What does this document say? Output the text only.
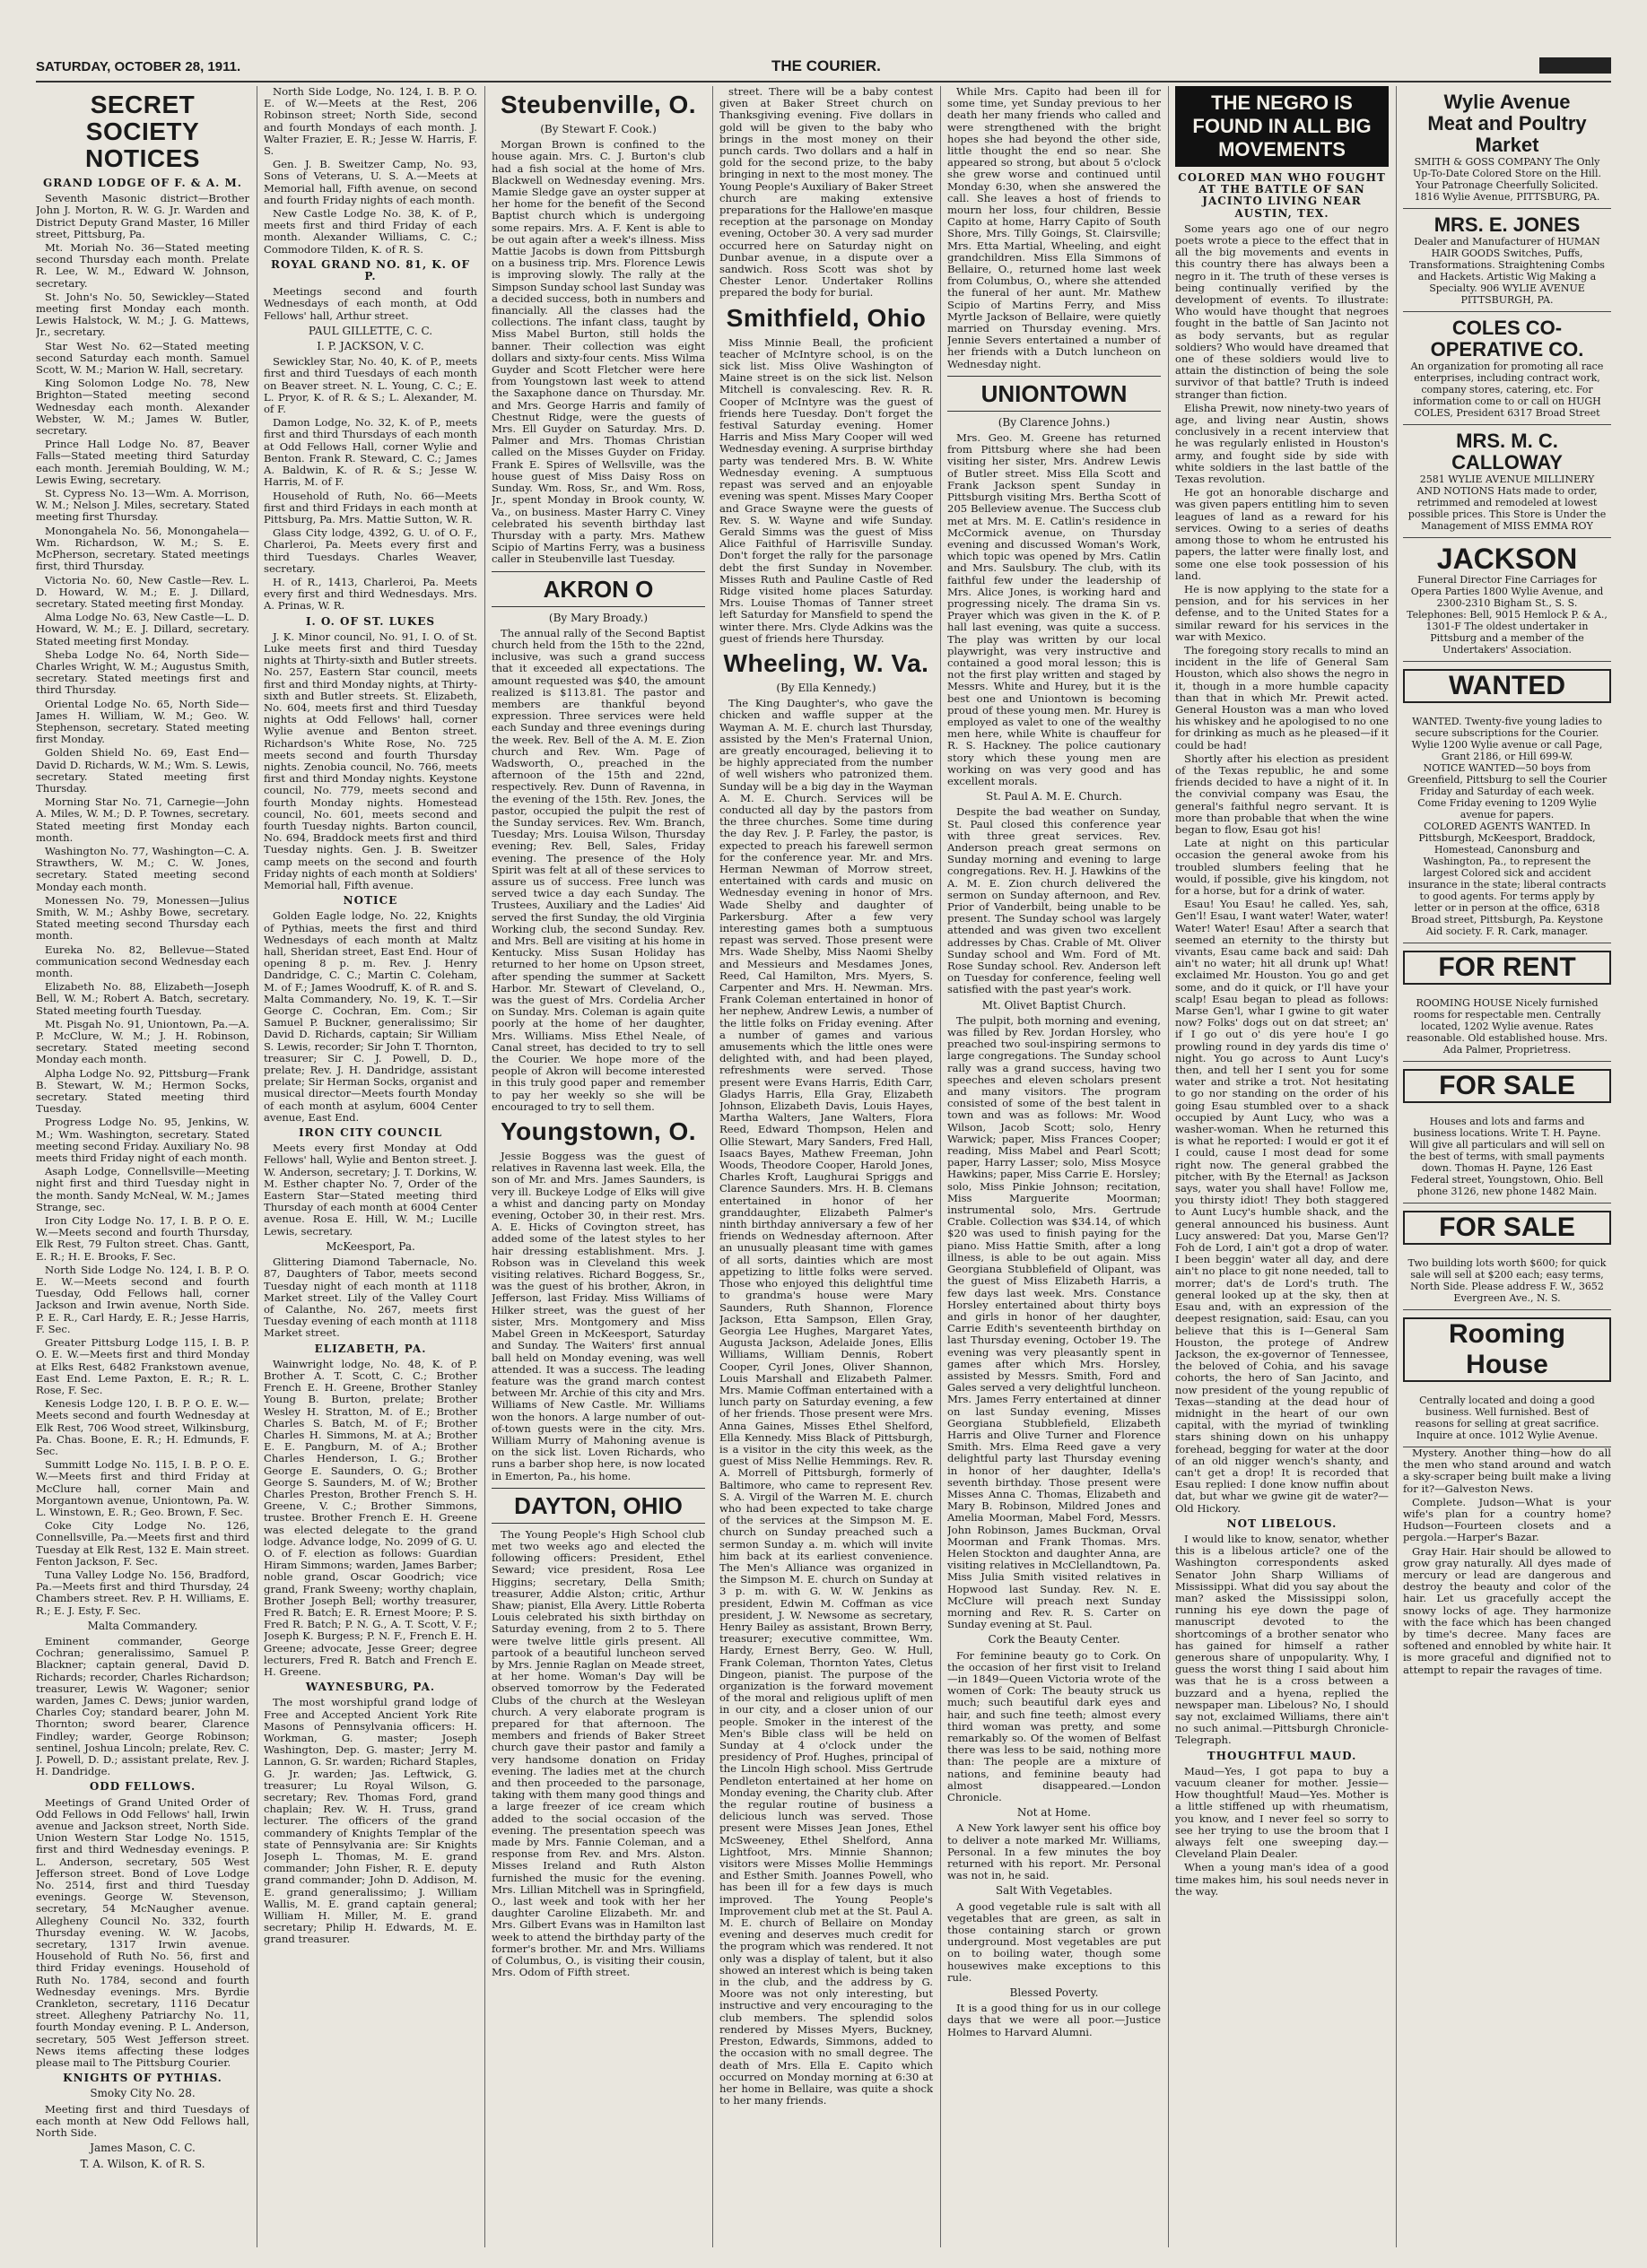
SATURDAY, OCTOBER 28, 1911.	THE COURIER.
SECRET SOCIETY NOTICES
GRAND LODGE OF F. & A. M.

Seventh Masonic district—Brother John J. Morton, R. W. G. Jr. Warden and District Deputy Grand Master, 16 Miller street, Pittsburg, Pa.

Mt. Moriah No. 36—Stated meeting second Thursday each month. Prelate R. Lee, W. M., Edward W. Johnson, secretary.

St. John's No. 50, Sewickley—Stated meeting first Monday each month. Lewis Halstock, W. M.; J. G. Mattews, Jr., secretary.

Star West No. 62—Stated meeting second Saturday each month. Samuel Scott, W. M.; Marion W. Hall, secretary.

King Solomon Lodge No. 78, New Brighton—Stated meeting second Wednesday each month. Alexander Webster, W. M.; James W. Butler, secretary.

Prince Hall Lodge No. 87, Beaver Falls—Stated meeting third Saturday each month. Jeremiah Boulding, W. M.; Lewis Ewing, secretary.

St. Cypress No. 13—Wm. A. Morrison, W. M.; Nelson J. Miles, secretary. Stated meeting first Thursday.

Monongahela No. 56, Monongahela—Wm. Richardson, W. M.; S. E. McPherson, secretary. Stated meetings first, third Thursday.

Victoria No. 60, New Castle—Rev. L. D. Howard, W. M.; E. J. Dillard, secretary. Stated meeting first Monday.

Alma Lodge No. 63, New Castle—L. D. Howard, W. M.; E. J. Dillard, secretary. Stated meeting first Monday.

Sheba Lodge No. 64, North Side—Charles Wright, W. M.; Augustus Smith, secretary. Stated meetings first and third Thursday.

Oriental Lodge No. 65, North Side—James H. William, W. M.; Geo. W. Stephenson, secretary. Stated meeting first Monday.

Golden Shield No. 69, East End—David D. Richards, W. M.; Wm. S. Lewis, secretary. Stated meeting first Thursday.

Morning Star No. 71, Carnegie—John A. Miles, W. M.; D. P. Townes, secretary. Stated meeting first Monday each month.

Washington No. 77, Washington—C. A. Strawthers, W. M.; C. W. Jones, secretary. Stated meeting second Monday each month.

Monessen No. 79, Monessen—Julius Smith, W. M.; Ashby Bowe, secretary. Stated meeting second Thursday each month.

Eureka No. 82, Bellevue—Stated communication second Wednesday each month.

Elizabeth No. 88, Elizabeth—Joseph Bell, W. M.; Robert A. Batch, secretary. Stated meeting fourth Tuesday.

Mt. Pisgah No. 91, Uniontown, Pa.—A. P. McClure, W. M.; J. H. Robinson, secretary. Stated meeting second Monday each month.

Alpha Lodge No. 92, Pittsburg—Frank B. Stewart, W. M.; Hermon Socks, secretary. Stated meeting third Tuesday.

Progress Lodge No. 95, Jenkins, W. M.; Wm. Washington, secretary. Stated meeting second Friday. Auxiliary No. 98 meets third Friday night of each month.

Asaph Lodge, Connellsville—Meeting night first and third Tuesday night in the month. Sandy McNeal, W. M.; James Strange, sec.

Iron City Lodge No. 17, I. B. P. O. E. W.—Meets second and fourth Thursday, Elk Rest, 79 Fulton street. Chas. Gantt, E. R.; H. E. Brooks, F. Sec.

North Side Lodge No. 124, I. B. P. O. E. W.—Meets second and fourth Tuesday, Odd Fellows hall, corner Jackson and Irwin avenue, North Side. P. E. R., Carl Hardy, E. R.; Jesse Harris, F. Sec.

Greater Pittsburg Lodge 115, I. B. P. O. E. W.—Meets first and third Monday at Elks Rest, 6482 Frankstown avenue, East End. Leme Paxton, E. R.; R. L. Rose, F. Sec.

Kenesis Lodge 120, I. B. P. O. E. W.—Meets second and fourth Wednesday at Elk Rest, 706 Wood street, Wilkinsburg, Pa. Chas. Boone, E. R.; H. Edmunds, F. Sec.

Summitt Lodge No. 115, I. B. P. O. E. W.—Meets first and third Friday at McClure hall, corner Main and Morgantown avenue, Uniontown, Pa. W. L. Winstown, E. R.; Geo. Brown, F. Sec.

Coke City Lodge No. 126, Connellsville, Pa.—Meets first and third Tuesday at Elk Rest, 132 E. Main street. Fenton Jackson, F. Sec.

Tuna Valley Lodge No. 156, Bradford, Pa.—Meets first and third Thursday, 24 Chambers street. Rev. P. H. Williams, E. R.; E. J. Esty, F. Sec.

Malta Commandery.

Eminent commander, George Cochran; generalissimo, Samuel P. Blackner; captain general, David D. Richards; recorder, Charles Richardson; treasurer, Lewis W. Wagoner; senior warden, James C. Dews; junior warden, Charles Coy; standard bearer, John M. Thornton; sword bearer, Clarence Findley; warder, George Robinson; sentinel, Joshua Lincoln; prelate, Rev. C. J. Powell, D. D.; assistant prelate, Rev. J. H. Dandridge.

ODD FELLOWS.

Meetings of Grand United Order of Odd Fellows in Odd Fellows' hall, Irwin avenue and Jackson street, North Side. Union Western Star Lodge No. 1515, first and third Wednesday evenings. P. L. Anderson, secretary, 505 West Jefferson street. Bond of Love Lodge No. 2514, first and third Tuesday evenings. George W. Stevenson, secretary, 54 McNaugher avenue. Allegheny Council No. 332, fourth Thursday evening. W. W. Jacobs, secretary, 1317 Irwin avenue. Household of Ruth No. 56, first and third Friday evenings. Household of Ruth No. 1784, second and fourth Wednesday evenings. Mrs. Byrdie Crankleton, secretary, 1116 Decatur street. Allegheny Patriarchy No. 11, fourth Monday evening. P. L. Anderson, secretary, 505 West Jefferson street. News items affecting these lodges please mail to The Pittsburg Courier.

KNIGHTS OF PYTHIAS.
Smoky City No. 28.

Meeting first and third Tuesdays of each month at New Odd Fellows hall, North Side.

James Mason, C. C.
T. A. Wilson, K. of R. S.

North Side Lodge, No. 124, I. B. P. O. E. of W.—Meets at the Rest, 206 Robinson street; North Side, second and fourth Mondays of each month. J. Walter Frazier, E. R.; Jesse W. Harris, F. S.

Gen. J. B. Sweitzer Camp, No. 93, Sons of Veterans, U. S. A.—Meets at Memorial hall, Fifth avenue, on second and fourth Friday nights of each month.

New Castle Lodge No. 38, K. of P., meets first and third Friday of each month. Alexander Williams, C. C.; Commodore Tilden, K. of R. S.

ROYAL GRAND NO. 81, K. OF P.

Meetings second and fourth Wednesdays of each month, at Odd Fellows' hall, Arthur street.

PAUL GILLETTE, C. C.
I. P. JACKSON, V. C.

Sewickley Star, No. 40, K. of P., meets first and third Tuesdays of each month on Beaver street. N. L. Young, C. C.; E. L. Pryor, K. of R. & S.; L. Alexander, M. of F.

Damon Lodge, No. 32, K. of P., meets first and third Thursdays of each month at Odd Fellows Hall, corner Wylie and Benton. Frank R. Steward, C. C.; James A. Baldwin, K. of R. & S.; Jesse W. Harris, M. of F.

Household of Ruth, No. 66—Meets first and third Fridays in each month at Pittsburg, Pa. Mrs. Mattie Sutton, W. R.

Glass City lodge, 4392, G. U. of O. F., Charleroi, Pa. Meets every first and third Tuesdays. Charles Weaver, secretary.

H. of R., 1413, Charleroi, Pa. Meets every first and third Wednesdays. Mrs. A. Prinas, W. R.

I. O. OF ST. LUKES

J. K. Minor council, No. 91, I. O. of St. Luke meets first and third Tuesday nights at Thirty-sixth and Butler streets. No. 257, Eastern Star council, meets first and third Monday nights, at Thirty-sixth and Butler streets. St. Elizabeth, No. 604, meets first and third Tuesday nights at Odd Fellows' hall, corner Wylie avenue and Benton street. Richardson's White Rose, No. 725 meets second and fourth Thursday nights. Zenobia council, No. 766, meets first and third Monday nights. Keystone council, No. 779, meets second and fourth Monday nights. Homestead council, No. 601, meets second and fourth Tuesday nights. Barton council, No. 694, Braddock meets first and third Tuesday nights. Gen. J. B. Sweitzer camp meets on the second and fourth Friday nights of each month at Soldiers' Memorial hall, Fifth avenue.

NOTICE

Golden Eagle lodge, No. 22, Knights of Pythias, meets the first and third Wednesdays of each month at Maltz hall, Sheridan street, East End. Hour of opening 8 p. m. Rev. J. Henry Dandridge, C. C.; Martin C. Coleham, M. of F.; James Woodruff, K. of R. and S. Malta Commandery, No. 19, K. T.—Sir George C. Cochran, Em. Com.; Sir Samuel P. Buckner, generalissimo; Sir David D. Richards, captain; Sir William S. Lewis, recorder; Sir John T. Thornton, treasurer; Sir C. J. Powell, D. D., prelate; Rev. J. H. Dandridge, assistant prelate; Sir Herman Socks, organist and musical director—Meets fourth Monday of each month at asylum, 6004 Center avenue, East End.

IRON CITY COUNCIL

Meets every first Monday at Odd Fellows' hall, Wylie and Benton street. J. W. Anderson, secretary; J. T. Dorkins, W. M. Esther chapter No. 7, Order of the Eastern Star—Stated meeting third Thursday of each month at 6004 Center avenue. Rosa E. Hill, W. M.; Lucille Lewis, secretary.

McKeesport, Pa.

Glittering Diamond Tabernacle, No. 87, Daughters of Tabor, meets second Tuesday night of each month at 1118 Market street. Lily of the Valley Court of Calanthe, No. 267, meets first Tuesday evening of each month at 1118 Market street.

ELIZABETH, PA.

Wainwright lodge, No. 48, K. of P. Brother A. T. Scott, C. C.; Brother French E. H. Greene, Brother Stanley Young B. Burton, prelate; Brother Wesley H. Stratton, M. of E.; Brother Charles S. Batch, M. of F.; Brother Charles H. Simmons, M. at A.; Brother E. E. Pangburn, M. of A.; Brother Charles Henderson, I. G.; Brother George E. Saunders, O. G.; Brother George S. Saunders, M. of W.; Brother Charles Preston, Brother French S. H. Greene, V. C.; Brother Simmons, trustee. Brother French E. H. Greene was elected delegate to the grand lodge. Advance lodge, No. 2099 of G. U. O. of F. election as follows: Guardian Hiram Simmons; warden, James Barber; noble grand, Oscar Goodrich; vice grand, Frank Sweeny; worthy chaplain, Brother Joseph Bell; worthy treasurer, Fred R. Batch; E. R. Ernest Moore; P. S. Fred R. Batch; P. N. G., A. T. Scott, V. F.; Joseph K. Burgess; P. N. F., French E. H. Greene; advocate, Jesse Greer; degree lecturers, Fred R. Batch and French E. H. Greene.

WAYNESBURG, PA.

The most worshipful grand lodge of Free and Accepted Ancient York Rite Masons of Pennsylvania officers: H. Workman, G. master; Joseph Washington, Dep. G. master; Jerry M. Lannon, G. Sr. warden; Richard Staples, G. Jr. warden; Jas. Leftwick, G. treasurer; Lu Royal Wilson, G. secretary; Rev. Thomas Ford, grand chaplain; Rev. W. H. Truss, grand lecturer. The officers of the grand commandery of Knights Templar of the state of Pennsylvania are: Sir Knights Joseph L. Thomas, M. E. grand commander; John Fisher, R. E. deputy grand commander; John D. Addison, M. E. grand generalissimo; J. William Wallis, M. E. grand captain general; William H. Miller, M. E. grand secretary; Philip H. Edwards, M. E. grand treasurer.

Steubenville, O.
(By Stewart F. Cook.)

Morgan Brown is confined to the house again. Mrs. C. J. Burton's club had a fish social at the home of Mrs. Blackwell on Wednesday evening. Mrs. Mamie Sledge gave an oyster supper at her home for the benefit of the Second Baptist church which is undergoing some repairs. Mrs. A. F. Kent is able to be out again after a week's illness. Miss Mattie Jacobs is down from Pittsburgh on a business trip. Mrs. Florence Lewis is improving slowly. The rally at the Simpson Sunday school last Sunday was a decided success, both in numbers and financially. All the classes had the collections. The infant class, taught by Miss Mabel Burton, still holds the banner. Their collection was eight dollars and sixty-four cents. Miss Wilma Guyder and Scott Fletcher were here from Youngstown last week to attend the Saxaphone dance on Thursday. Mr. and Mrs. George Harris and family of Chestnut Ridge, were the guests of Mrs. Ell Guyder on Saturday. Mrs. D. Palmer and Mrs. Thomas Christian called on the Misses Guyder on Friday. Frank E. Spires of Wellsville, was the house guest of Miss Daisy Ross on Sunday. Wm. Ross, Sr., and Wm. Ross, Jr., spent Monday in Brook county, W. Va., on business. Master Harry C. Viney celebrated his seventh birthday last Thursday with a party. Mrs. Mathew Scipio of Martins Ferry, was a business caller in Steubenville last Tuesday.

AKRON O
(By Mary Broady.)

The annual rally of the Second Baptist church held from the 15th to the 22nd, inclusive, was such a grand success that it exceeded all expectations. The amount requested was $40, the amount realized is $113.81. The pastor and members are thankful beyond expression. Three services were held each Sunday and three evenings during the week. Rev. Bell of the A. M. E. Zion church and Rev. Wm. Page of Wadsworth, O., preached in the afternoon of the 15th and 22nd, respectively. Rev. Dunn of Ravenna, in the evening of the 15th. Rev. Jones, the pastor, occupied the pulpit the rest of the Sunday services. Rev. Wm. Branch, Tuesday; Mrs. Louisa Wilson, Thursday evening; Rev. Bell, Sales, Friday evening. The presence of the Holy Spirit was felt at all of these services to assure us of success. Free lunch was served twice a day each Sunday. The Trustees, Auxiliary and the Ladies' Aid served the first Sunday, the old Virginia Working club, the second Sunday. Rev. and Mrs. Bell are visiting at his home in Kentucky. Miss Susan Holiday has returned to her home on Upson street, after spending the summer at Sackett Harbor. Mr. Stewart of Cleveland, O., was the guest of Mrs. Cordelia Archer on Sunday. Mrs. Coleman is again quite poorly at the home of her daughter, Mrs. Williams. Miss Ethel Neale, of Canal street, has decided to try to sell the Courier. We hope more of the people of Akron will become interested in this truly good paper and remember to pay her weekly so she will be encouraged to try to sell them.

Youngstown, O.

Jessie Boggess was the guest of relatives in Ravenna last week. Ella, the son of Mr. and Mrs. James Saunders, is very ill. Buckeye Lodge of Elks will give a whist and dancing party on Monday evening, October 30, in their rest. Mrs. A. E. Hicks of Covington street, has added some of the latest styles to her hair dressing establishment. Mrs. J. Robson was in Cleveland this week visiting relatives. Richard Boggess, Sr., was the guest of his brother, Akron, in Jefferson, last Friday. Miss Williams of Hilker street, was the guest of her sister, Mrs. Montgomery and Miss Mabel Green in McKeesport, Saturday and Sunday. The Waiters' first annual ball held on Monday evening, was well attended. It was a success. The leading feature was the grand march contest between Mr. Archie of this city and Mrs. Williams of New Castle. Mr. Williams won the honors. A large number of out-of-town guests were in the city. Mrs. William Murry of Mahoning avenue is on the sick list. Loven Richards, who runs a barber shop here, is now located in Emerton, Pa., his home.

DAYTON, OHIO

The Young People's High School club met two weeks ago and elected the following officers: President, Ethel Seward; vice president, Rosa Lee Higgins; secretary, Della Smith; treasurer, Addie Alston; critic, Arthur Shaw; pianist, Ella Avery. Little Roberta Louis celebrated his sixth birthday on Saturday evening, from 2 to 5. There were twelve little girls present. All partook of a beautiful luncheon served by Mrs. Jennie Raglan on Meade street, at her home. Woman's Day will be observed tomorrow by the Federated Clubs of the church at the Wesleyan church. A very elaborate program is prepared for that afternoon. The members and friends of Baker Street church gave their pastor and family a very handsome donation on Friday evening. The ladies met at the church and then proceeded to the parsonage, taking with them many good things and a large freezer of ice cream which added to the social occasion of the evening. The presentation speech was made by Mrs. Fannie Coleman, and a response from Rev. and Mrs. Alston. Misses Ireland and Ruth Alston furnished the music for the evening. Mrs. Lillian Mitchell was in Springfield, O., last week and took with her her daughter Caroline Elizabeth. Mr. and Mrs. Gilbert Evans was in Hamilton last week to attend the birthday party of the former's brother. Mr. and Mrs. Williams of Columbus, O., is visiting their cousin, Mrs. Odom of Fifth street.

street. There will be a baby contest given at Baker Street church on Thanksgiving evening. Five dollars in gold will be given to the baby who brings in the most money on their punch cards. Two dollars and a half in gold for the second prize, to the baby bringing in next to the most money. The Young People's Auxiliary of Baker Street church are making extensive preparations for the Hallowe'en masque reception at the parsonage on Monday evening, October 30. A very sad murder occurred here on Saturday night on Dunbar avenue, in a dispute over a sandwich. Ross Scott was shot by Chester Lenor. Undertaker Rollins prepared the body for burial.

Smithfield, Ohio

Miss Minnie Beall, the proficient teacher of McIntyre school, is on the sick list. Miss Olive Washington of Maine street is on the sick list. Nelson Mitchell is convalescing. Rev. R. R. Cooper of McIntyre was the guest of friends here Tuesday. Don't forget the festival Saturday evening. Homer Harris and Miss Mary Cooper will wed Wednesday evening. A surprise birthday party was tendered Mrs. B. W. White Wednesday evening. A sumptuous repast was served and an enjoyable evening was spent. Misses Mary Cooper and Grace Swayne were the guests of Rev. S. W. Wayne and wife Sunday. Gerald Simms was the guest of Miss Alice Faithful of Harrisville Sunday. Don't forget the rally for the parsonage debt the first Sunday in November. Misses Ruth and Pauline Castle of Red Ridge visited home places Saturday. Mrs. Louise Thomas of Tanner street left Saturday for Mansfield to spend the winter there. Mrs. Clyde Adkins was the guest of friends here Thursday.

Wheeling, W. Va.
(By Ella Kennedy.)

The King Daughter's, who gave the chicken and waffle supper at the Wayman A. M. E. church last Thursday, assisted by the Men's Fraternal Union, are greatly encouraged, believing it to be highly appreciated from the number of well wishers who patronized them. Sunday will be a big day in the Wayman A. M. E. Church. Services will be conducted all day by the pastors from the three churches. Some time during the day Rev. J. P. Farley, the pastor, is expected to preach his farewell sermon for the conference year. Mr. and Mrs. Herman Newman of Morrow street, entertained with cards and music on Wednesday evening in honor of Mrs. Wade Shelby and daughter of Parkersburg. After a few very interesting games both a sumptuous repast was served. Those present were Mrs. Wade Shelby, Miss Naomi Shelby and Messieurs and Mesdames Jones, Reed, Cal Hamilton, Mrs. Myers, S. Carpenter and Mrs. H. Newman. Mrs. Frank Coleman entertained in honor of her nephew, Andrew Lewis, a number of the little folks on Friday evening. After a number of games and various amusements which the little ones were delighted with, and had been played, refreshments were served. Those present were Evans Harris, Edith Carr, Gladys Harris, Ella Gray, Elizabeth Johnson, Elizabeth Davis, Louis Hayes, Martha Walters, Jane Walters, Flora Reed, Edward Thompson, Helen and Ollie Stewart, Mary Sanders, Fred Hall, Isaacs Bayes, Mathew Freeman, John Woods, Theodore Cooper, Harold Jones, Charles Kroft, Laughurai Spriggs and Clarence Saunders. Mrs. H. B. Clemans entertained in honor of her granddaughter, Elizabeth Palmer's ninth birthday anniversary a few of her friends on Wednesday afternoon. After an unusually pleasant time with games of all sorts, dainties which are most appetizing to little folks were served. Those who enjoyed this delightful time to grandma's house were Mary Saunders, Ruth Shannon, Florence Jackson, Etta Sampson, Ellen Gray, Georgia Lee Hughes, Margaret Yates, Augusta Jackson, Adelaide Jones, Ellis Williams, William Dennis, Robert Cooper, Cyril Jones, Oliver Shannon, Louis Marshall and Elizabeth Palmer. Mrs. Mamie Coffman entertained with a lunch party on Saturday evening, a few of her friends. Those present were Mrs. Anna Gaines, Misses Ethel Shelford, Ella Kennedy. Miss Black of Pittsburgh, is a visitor in the city this week, as the guest of Miss Nellie Hemmings. Rev. R. A. Morrell of Pittsburgh, formerly of Baltimore, who came to represent Rev. S. A. Virgil of the Warren M. E. church who had been expected to take charge of the services at the Simpson M. E. church on Sunday preached such a sermon Sunday a. m. which will invite him back at its earliest convenience. The Men's Alliance was organized in the Simpson M. E. church on Sunday at 3 p. m. with G. W. W. Jenkins as president, Edwin M. Coffman as vice president, J. W. Newsome as secretary, Henry Bailey as assistant, Brown Berry, treasurer; executive committee, Wm. Hardy, Ernest Berry, Geo. W. Hull, Frank Coleman, Thornton Yates, Cletus Dingeon, pianist. The purpose of the organization is the forward movement of the moral and religious uplift of men in our city, and a closer union of our people. Smoker in the interest of the Men's Bible class will be held on Sunday at 4 o'clock under the presidency of Prof. Hughes, principal of the Lincoln High school. Miss Gertrude Pendleton entertained at her home on Monday evening, the Charity club. After the regular routine of business a delicious lunch was served. Those present were Misses Jean Jones, Ethel McSweeney, Ethel Shelford, Anna Lightfoot, Mrs. Minnie Shannon; visitors were Misses Mollie Hemmings and Esther Smith. Joannes Powell, who has been ill for a few days is much improved. The Young People's Improvement club met at the St. Paul A. M. E. church of Bellaire on Monday evening and deserves much credit for the program which was rendered. It not only was a display of talent, but it also showed an interest which is being taken in the club, and the address by G. Moore was not only interesting, but instructive and very encouraging to the club members. The splendid solos rendered by Misses Myers, Buckney, Preston, Edwards, Simmons, added to the occasion with no small degree. The death of Mrs. Ella E. Capito which occurred on Monday morning at 6:30 at her home in Bellaire, was quite a shock to her many friends.

While Mrs. Capito had been ill for some time, yet Sunday previous to her death her many friends who called and were strengthened with the bright hopes she had beyond the other side, little thought the end so near. She appeared so strong, but about 5 o'clock she grew worse and continued until Monday 6:30, when she answered the call. She leaves a host of friends to mourn her loss, four children, Bessie Capito at home, Harry Capito of South Shore, Mrs. Tilly Goings, St. Clairsville; Mrs. Etta Martial, Wheeling, and eight grandchildren. Miss Ella Simmons of Bellaire, O., returned home last week from Columbus, O., where she attended the funeral of her aunt. Mr. Mathew Scipio of Martins Ferry, and Miss Myrtle Jackson of Bellaire, were quietly married on Thursday evening. Mrs. Jennie Severs entertained a number of her friends with a Dutch luncheon on Wednesday night.

UNIONTOWN
(By Clarence Johns.)

Mrs. Geo. M. Greene has returned from Pittsburg where she had been visiting her sister, Mrs. Andrew Lewis of Butler street. Miss Ella Scott and Frank Jackson spent Sunday in Pittsburgh visiting Mrs. Bertha Scott of 205 Belleview avenue. The Success club met at Mrs. M. E. Catlin's residence in McCormick avenue, on Thursday evening and discussed Woman's Work, which topic was opened by Mrs. Catlin and Mrs. Saulsbury. The club, with its faithful few under the leadership of Mrs. Alice Jones, is working hard and progressing nicely. The drama Sin vs. Prayer which was given in the K. of P. hall last evening, was quite a success. The play was written by our local playwright, was very instructive and contained a good moral lesson; this is not the first play written and staged by Messrs. White and Hurey, but it is the best one and Uniontown is becoming proud of these young men. Mr. Hurey is employed as valet to one of the wealthy men here, while White is chauffeur for R. S. Hackney. The police cautionary story which these young men are working on was very good and has excellent morals.

St. Paul A. M. E. Church.

Despite the bad weather on Sunday, St. Paul closed this conference year with three great services. Rev. Anderson preach great sermons on Sunday morning and evening to large congregations. Rev. H. J. Hawkins of the A. M. E. Zion church delivered the sermon on Sunday afternoon, and Rev. Prior of Vanderbilt, being unable to be present. The Sunday school was largely attended and was given two excellent addresses by Chas. Crable of Mt. Oliver Sunday school and Wm. Ford of Mt. Rose Sunday school. Rev. Anderson left on Tuesday for conference, feeling well satisfied with the past year's work.

Mt. Olivet Baptist Church.

The pulpit, both morning and evening, was filled by Rev. Jordan Horsley, who preached two soul-inspiring sermons to large congregations. The Sunday school rally was a grand success, having two speeches and eleven scholars present and many visitors. The program consisted of some of the best talent in town and was as follows: Mr. Wood Wilson, Jacob Scott; solo, Henry Warwick; paper, Miss Frances Cooper; reading, Miss Mabel and Pearl Scott; paper, Harry Lasser; solo, Miss Mosyce Hawkins; paper, Miss Carrie E. Horsley; solo, Miss Pinkie Johnson; recitation, Miss Marguerite Moorman; instrumental solo, Mrs. Gertrude Crable. Collection was $34.14, of which $20 was used to finish paying for the piano. Miss Hattie Smith, after a long illness, is able to be out again. Miss Georgiana Stubblefield of Olipant, was the guest of Miss Elizabeth Harris, a few days last week. Mrs. Constance Horsley entertained about thirty boys and girls in honor of her daughter, Carrie Edith's seventeenth birthday on last Thursday evening, October 19. The evening was very pleasantly spent in games after which Mrs. Horsley, assisted by Messrs. Smith, Ford and Gales served a very delightful luncheon. Mrs. James Ferry entertained at dinner on last Sunday evening, Misses Georgiana Stubblefield, Elizabeth Harris and Olive Turner and Florence Smith. Mrs. Elma Reed gave a very delightful party last Thursday evening in honor of her daughter, Idella's seventh birthday. Those present were Misses Anna C. Thomas, Elizabeth and Mary B. Robinson, Mildred Jones and Amelia Moorman, Mabel Ford, Messrs. John Robinson, James Buckman, Orval Moorman and Frank Thomas. Mrs. Helen Stockton and daughter Anna, are visiting relatives in McClellandtown, Pa. Miss Julia Smith visited relatives in Hopwood last Sunday. Rev. N. E. McClure will preach next Sunday morning and Rev. R. S. Carter on Sunday evening at St. Paul.

Cork the Beauty Center.

For feminine beauty go to Cork. On the occasion of her first visit to Ireland—in 1849—Queen Victoria wrote of the women of Cork: The beauty struck us much; such beautiful dark eyes and hair, and such fine teeth; almost every third woman was pretty, and some remarkably so. Of the women of Belfast there was less to be said, nothing more than: The people are a mixture of nations, and feminine beauty had almost disappeared.—London Chronicle.

Not at Home.

A New York lawyer sent his office boy to deliver a note marked Mr. Williams, Personal. In a few minutes the boy returned with his report. Mr. Personal was not in, he said.

Salt With Vegetables.

A good vegetable rule is salt with all vegetables that are green, as salt in those containing starch or grown underground. Most vegetables are put on to boiling water, though some housewives make exceptions to this rule.

Blessed Poverty.

It is a good thing for us in our college days that we were all poor.—Justice Holmes to Harvard Alumni.

THE NEGRO IS FOUND IN ALL BIG MOVEMENTS
COLORED MAN WHO FOUGHT AT THE BATTLE OF SAN JACINTO LIVING NEAR AUSTIN, TEX.

Some years ago one of our negro poets wrote a piece to the effect that in all the big movements and events in this country there has always been a negro in it. The truth of these verses is being continually verified by the development of events. To illustrate: Who would have thought that negroes fought in the battle of San Jacinto not as body servants, but as regular soldiers? Who would have dreamed that one of these soldiers would live to attain the distinction of being the sole survivor of that battle? Truth is indeed stranger than fiction.

Elisha Prewit, now ninety-two years of age, and living near Austin, shows conclusively in a recent interview that he was regularly enlisted in Houston's army, and fought side by side with white soldiers in the last battle of the Texas revolution.

He got an honorable discharge and was given papers entitling him to seven leagues of land as a reward for his services. Owing to a series of deaths among those to whom he entrusted his papers, the latter were finally lost, and some one else took possession of his land.

He is now applying to the state for a pension, and for his services in her defense, and to the United States for a similar reward for his services in the war with Mexico.

The foregoing story recalls to mind an incident in the life of General Sam Houston, which also shows the negro in it, though in a more humble capacity than that in which Mr. Prewit acted. General Houston was a man who loved his whiskey and he apologised to no one for drinking as much as he pleased—if it could be had!

Shortly after his election as president of the Texas republic, he and some friends decided to have a night of it. In the convivial company was Esau, the general's faithful negro servant. It is more than probable that when the wine began to flow, Esau got his!

Late at night on this particular occasion the general awoke from his troubled slumbers feeling that he would, if possible, give his kingdom, not for a horse, but for a drink of water.

Esau! You Esau! he called. Yes, sah, Gen'l! Esau, I want water! Water, water! Water! Water! Esau! After a search that seemed an eternity to the thirsty but vivants, Esau came back and said: Dah ain't no water; hit all drunk up! What! exclaimed Mr. Houston. You go and get some, and do it quick, or I'll have your scalp! Esau began to plead as follows: Marse Gen'l, whar I gwine to git water now? Folks' dogs out on dat street; an' if I go out o' dis yere hou'e I go prowling round in dey yards dis time o' night. You go across to Aunt Lucy's then, and tell her I sent you for some water and strike a trot. Not hesitating to go nor standing on the order of his going Esau stumbled over to a shack occupied by Aunt Lucy, who was a washer-woman. When he returned this is what he reported: I would er got it ef I could, cause I most dead for some right now. The general grabbed the pitcher, with By the Eternal! as Jackson says, water you shall have! Follow me, you thirsty idiot! They both staggered to Aunt Lucy's humble shack, and the general announced his business. Aunt Lucy answered: Dat you, Marse Gen'l? Foh de Lord, I ain't got a drop of water. I been beggin' water all day, and dere ain't no place to git none needed, tall to morrer; dat's de Lord's truth. The general looked up at the sky, then at Esau and, with an expression of the deepest resignation, said: Esau, can you believe that this is I—General Sam Houston, the protege of Andrew Jackson, the ex-governor of Tennessee, the beloved of Cohia, and his savage cohorts, the hero of San Jacinto, and now president of the young republic of Texas—standing at the dead hour of midnight in the heart of our own capital, with the myriad of twinkling stars shining down on his unhappy forehead, begging for water at the door of an old nigger wench's shanty, and can't get a drop! It is recorded that Esau replied: I done know nuffin about dat, but whar we gwine git de water?—Old Hickory.

NOT LIBELOUS.

I would like to know, senator, whether this is a libelous article? one of the Washington correspondents asked Senator John Sharp Williams of Mississippi. What did you say about the man? asked the Mississippi solon, running his eye down the page of manuscript devoted to the shortcomings of a brother senator who has gained for himself a rather generous share of unpopularity. Why, I guess the worst thing I said about him was that he is a cross between a buzzard and a hyena, replied the newspaper man. Libelous? No, I should say not, exclaimed Williams, there ain't no such animal.—Pittsburgh Chronicle-Telegraph.

THOUGHTFUL MAUD.

Maud—Yes, I got papa to buy a vacuum cleaner for mother. Jessie—How thoughtful! Maud—Yes. Mother is a little stiffened up with rheumatism, you know, and I never feel so sorry to see her trying to use the broom that I always felt one sweeping day.—Cleveland Plain Dealer.

When a young man's idea of a good time makes him, his soul needs never in the way.

Wylie Avenue
Meat and Poultry Market
SMITH & GOSS COMPANY The Only Up-To-Date Colored Store on the Hill. Your Patronage Cheerfully Solicited. 1816 Wylie Avenue, PITTSBURG, PA.
MRS. E. JONES
Dealer and Manufacturer of HUMAN HAIR GOODS Switches, Puffs, Transformations. Straightening Combs and Hackets. Artistic Wig Making a Specialty. 906 WYLIE AVENUE PITTSBURGH, PA.
COLES CO-OPERATIVE CO.
An organization for promoting all race enterprises, including contract work, company stores, catering, etc. For information come to or call on HUGH COLES, President 6317 Broad Street
MRS. M. C. CALLOWAY
2581 WYLIE AVENUE MILLINERY AND NOTIONS Hats made to order, retrimmed and remodeled at lowest possible prices. This Store is Under the Management of MISS EMMA ROY
JACKSON
Funeral Director Fine Carriages for Opera Parties 1800 Wylie Avenue, and 2300-2310 Bigham St., S. S. Telephones: Bell, 9015 Hemlock P. & A., 1301-F The oldest undertaker in Pittsburg and a member of the Undertakers' Association.
WANTED
WANTED. Twenty-five young ladies to secure subscriptions for the Courier. Wylie 1200 Wylie avenue or call Page, Grant 2186, or Hill 699-W.
NOTICE WANTED—50 boys from Greenfield, Pittsburg to sell the Courier Friday and Saturday of each week. Come Friday evening to 1209 Wylie avenue for papers.
COLORED AGENTS WANTED. In Pittsburgh, McKeesport, Braddock, Homestead, Canonsburg and Washington, Pa., to represent the largest Colored sick and accident insurance in the state; liberal contracts to good agents. For terms apply by letter or in person at the office, 6318 Broad street, Pittsburgh, Pa. Keystone Aid society. F. R. Cark, manager.
FOR RENT
ROOMING HOUSE Nicely furnished rooms for respectable men. Centrally located, 1202 Wylie avenue. Rates reasonable. Old established house. Mrs. Ada Palmer, Proprietress.
FOR SALE
Houses and lots and farms and business locations. Write T. H. Payne. Will give all particulars and will sell on the best of terms, with small payments down. Thomas H. Payne, 126 East Federal street, Youngstown, Ohio. Bell phone 3126, new phone 1482 Main.
FOR SALE
Two building lots worth $600; for quick sale will sell at $200 each; easy terms, North Side. Please address F. W., 3652 Evergreen Ave., N. S.
Rooming House
Centrally located and doing a good business. Well furnished. Best of reasons for selling at great sacrifice. Inquire at once. 1012 Wylie Avenue.

Mystery. Another thing—how do all the men who stand around and watch a sky-scraper being built make a living for it?—Galveston News.

Complete. Judson—What is your wife's plan for a country home? Hudson—Fourteen closets and a pergola.—Harper's Bazar.

Gray Hair. Hair should be allowed to grow gray naturally. All dyes made of mercury or lead are dangerous and destroy the beauty and color of the hair. Let us gracefully accept the snowy locks of age. They harmonize with the face which has been changed by time's decree. Many faces are softened and ennobled by white hair. It is more graceful and dignified not to attempt to repair the ravages of time.
